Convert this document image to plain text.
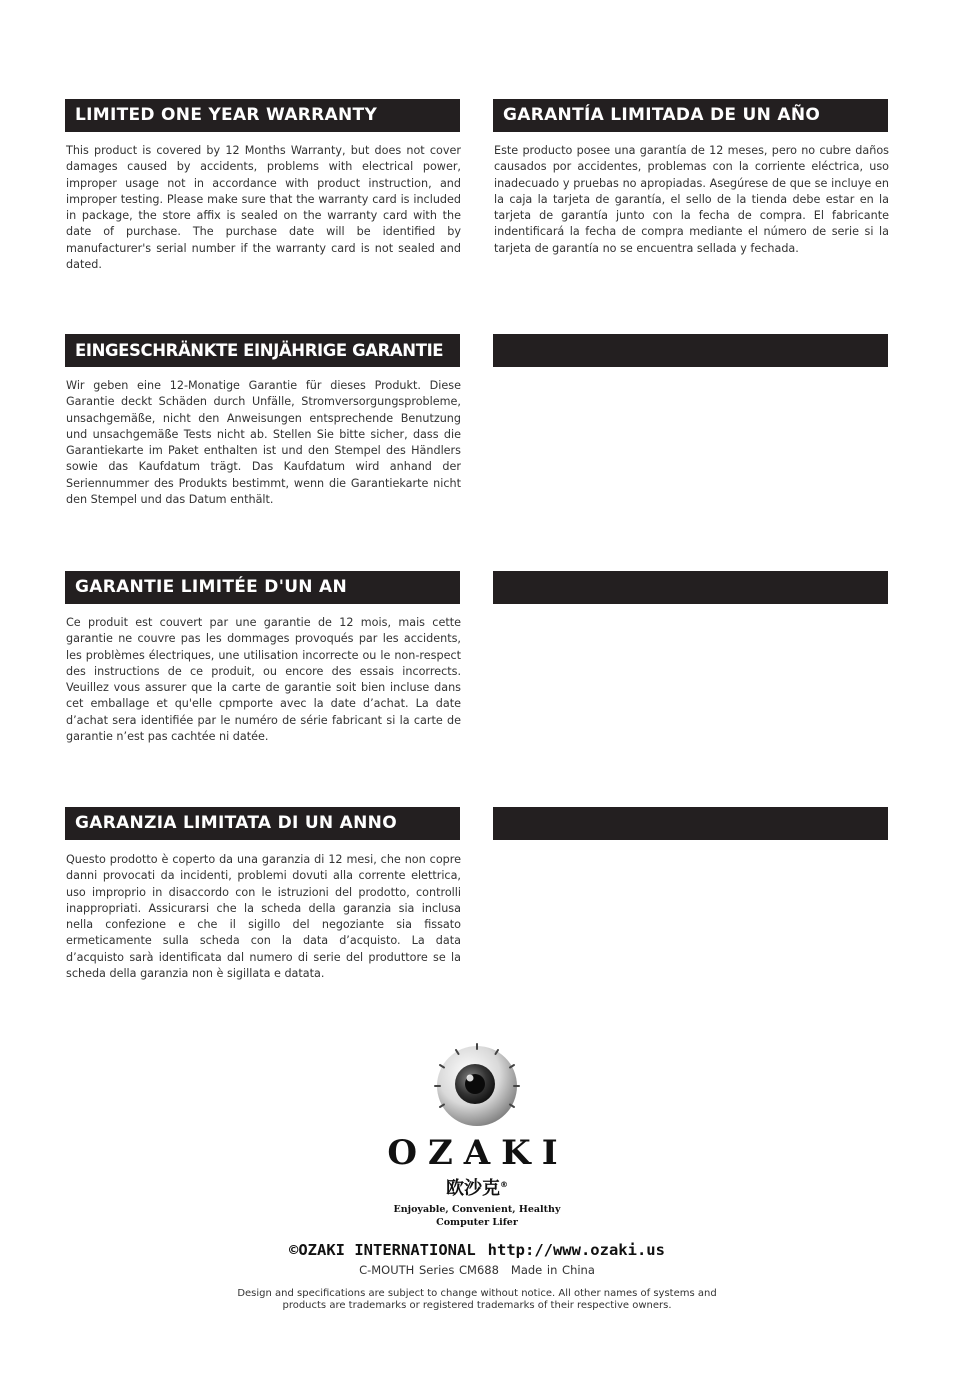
LIMITED ONE YEAR WARRANTY	GARANTÍA LIMITADA DE UN AÑO
This product is covered by 12 Months Warranty, but does not cover damages caused by accidents, problems with electrical power, improper usage not in accordance with product instruction, and improper testing. Please make sure that the warranty card is included in package, the store affix is sealed on the warranty card with the date of purchase. The purchase date will be identified by manufacturer's serial number if the warranty card is not sealed and dated.
Este producto posee una garantía de 12 meses, pero no cubre daños causados por accidentes, problemas con la corriente eléctrica, uso inadecuado y pruebas no apropiadas. Asegúrese de que se incluye en la caja la tarjeta de garantía, el sello de la tienda debe estar en la tarjeta de garantía junto con la fecha de compra. El fabricante indentificará la fecha de compra mediante el número de serie si la tarjeta de garantía no se encuentra sellada y fechada.
EINGESCHRÄNKTE EINJÄHRIGE GARANTIE
Wir geben eine 12-Monatige Garantie für dieses Produkt. Diese Garantie deckt Schäden durch Unfälle, Stromversorgungsprobleme, unsachgemäße, nicht den Anweisungen entsprechende Benutzung und unsachgemäße Tests nicht ab. Stellen Sie bitte sicher, dass die Garantiekarte im Paket enthalten ist und den Stempel des Händlers sowie das Kaufdatum trägt. Das Kaufdatum wird anhand der Seriennummer des Produkts bestimmt, wenn die Garantiekarte nicht den Stempel und das Datum enthält.
GARANTIE LIMITÉE D'UN AN
Ce produit est couvert par une garantie de 12 mois, mais cette garantie ne couvre pas les dommages provoqués par les accidents, les problèmes électriques, une utilisation incorrecte ou le non-respect des instructions de ce produit, ou encore des essais incorrects. Veuillez vous assurer que la carte de garantie soit bien incluse dans cet emballage et qu'elle cpmporte avec la date d’achat. La date d’achat sera identifiée par le numéro de série fabricant si la carte de garantie n’est pas cachtée ni datée.
GARANZIA LIMITATA DI UN ANNO
Questo prodotto è coperto da una garanzia di 12 mesi, che non copre danni provocati da incidenti, problemi dovuti alla corrente elettrica, uso improprio in disaccordo con le istruzioni del prodotto, controlli inappropriati. Assicurarsi che la scheda della garanzia sia inclusa nella confezione e che il sigillo del negoziante sia fissato ermeticamente sulla scheda con la data d’acquisto. La data d’acquisto sarà identificata dal numero di serie del produttore se la scheda della garanzia non è sigillata e datata.
OZAKI
欧沙克®
Enjoyable, Convenient, Healthy
Computer Lifer
©OZAKI INTERNATIONAL http://www.ozaki.us
C-MOUTH Series CM688 Made in China
Design and specifications are subject to change without notice. All other names of systems and
products are trademarks or registered trademarks of their respective owners.
